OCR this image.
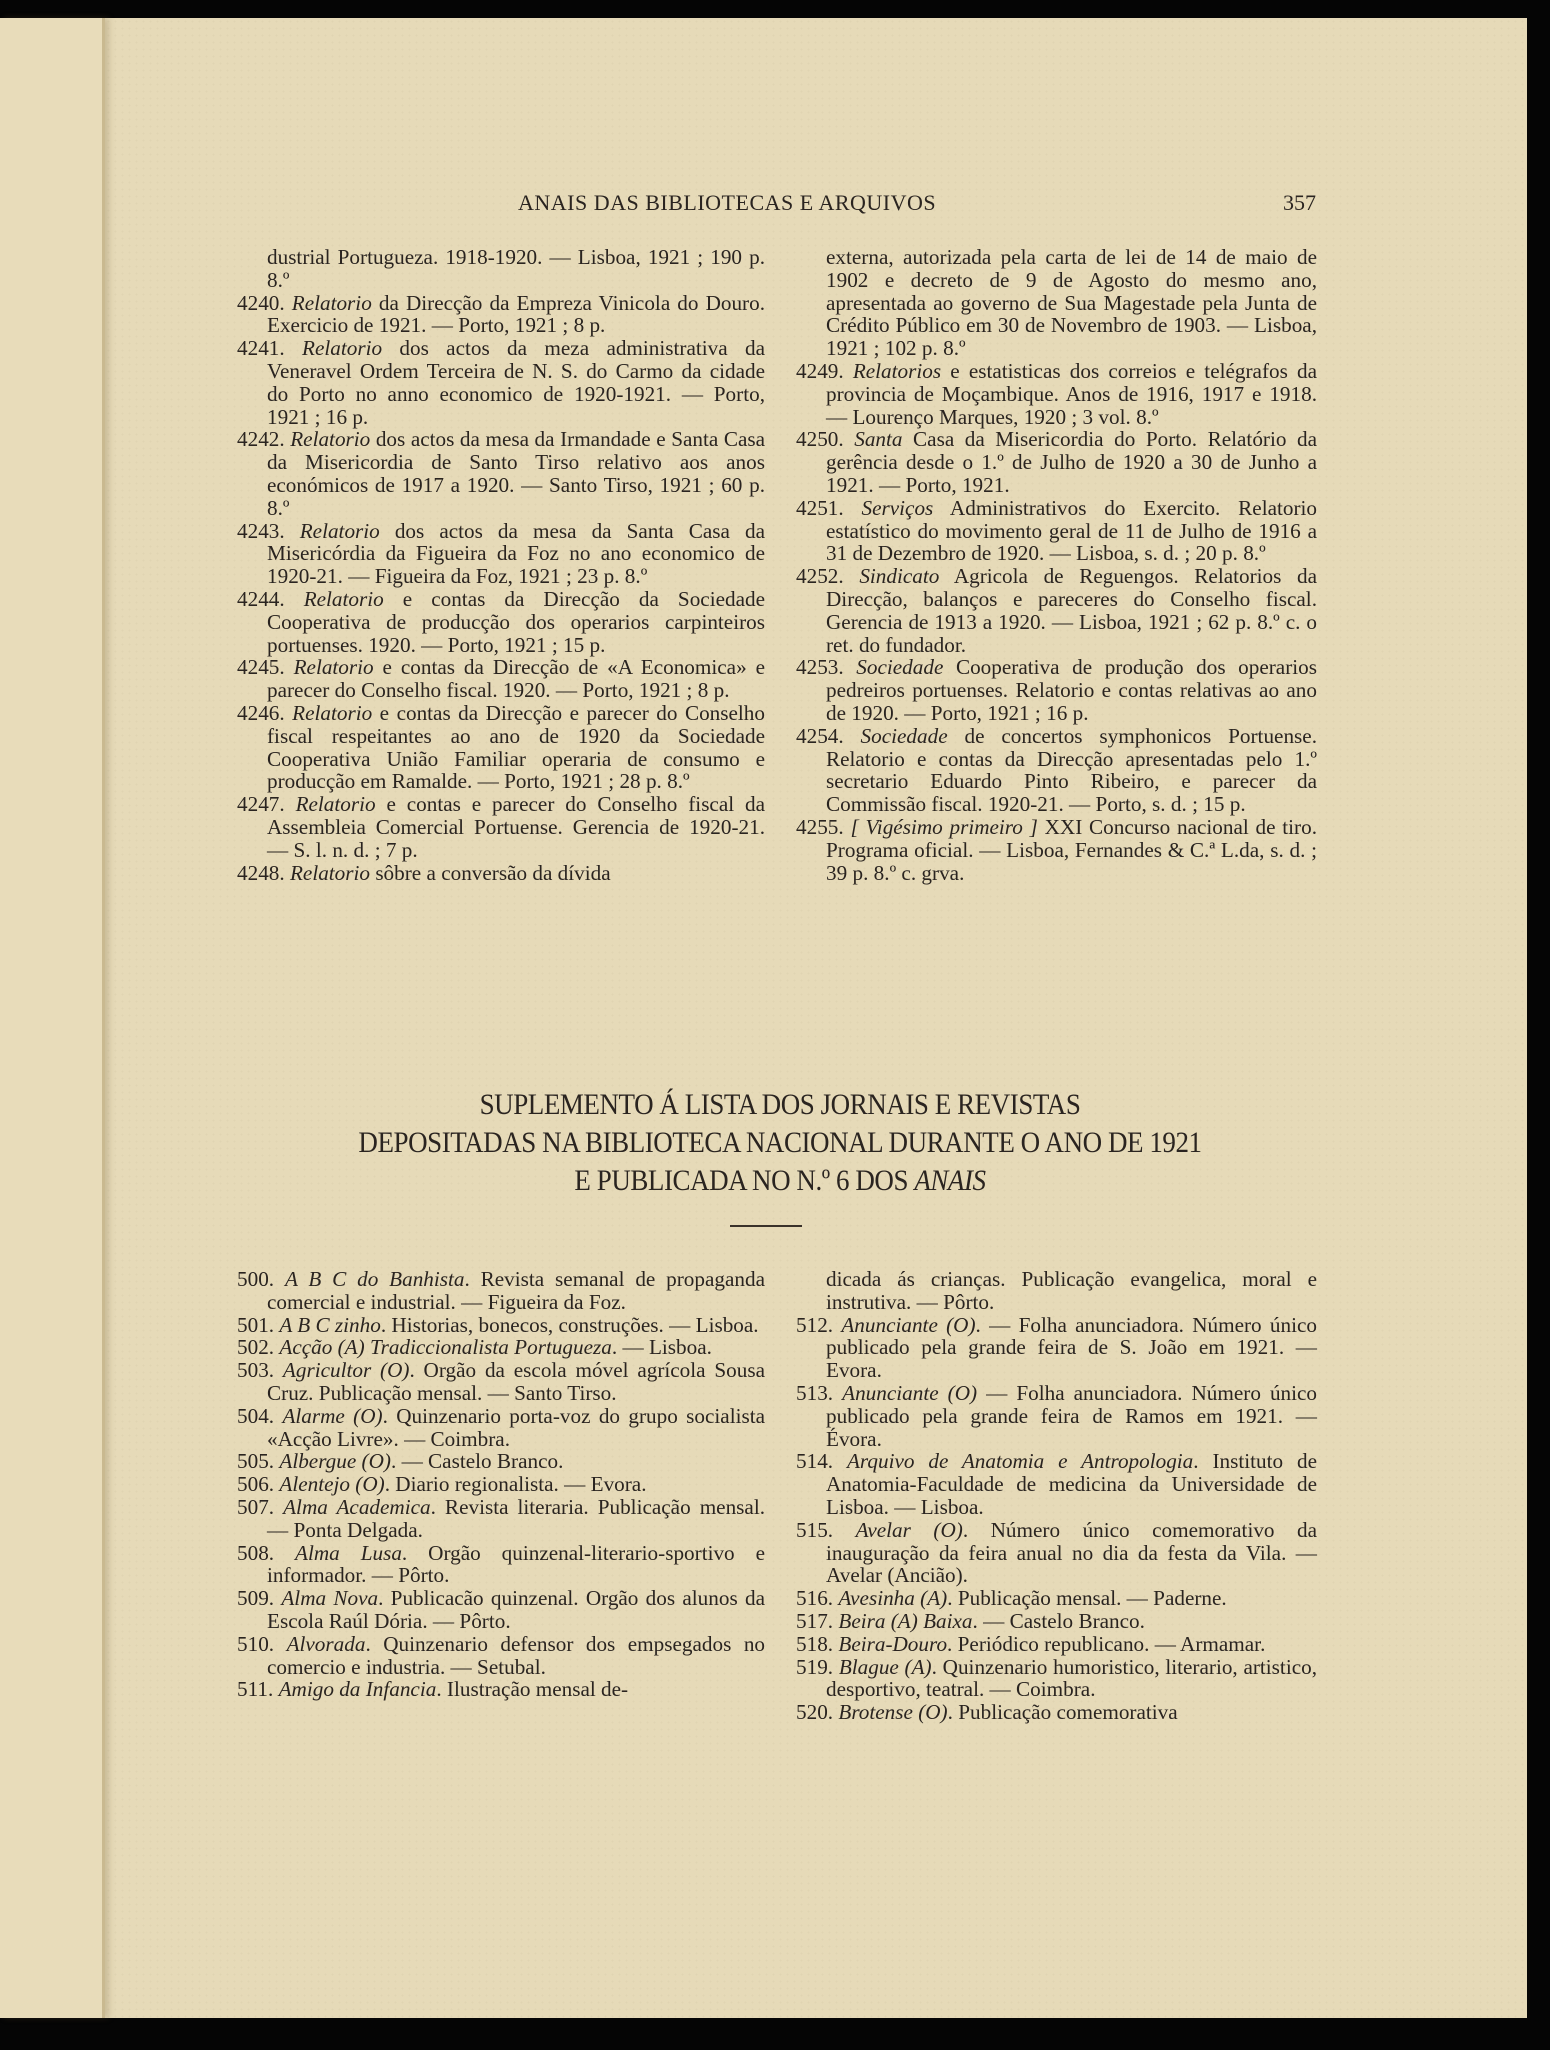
ANAIS DAS BIBLIOTECAS E ARQUIVOS	357

dustrial Portugueza. 1918-1920. — Lisboa, 1921 ; 190 p. 8.º

4240. Relatorio da Direcção da Empreza Vinicola do Douro. Exercicio de 1921. — Porto, 1921 ; 8 p.

4241. Relatorio dos actos da meza administrativa da Veneravel Ordem Terceira de N. S. do Carmo da cidade do Porto no anno economico de 1920-1921. — Porto, 1921 ; 16 p.

4242. Relatorio dos actos da mesa da Irmandade e Santa Casa da Misericordia de Santo Tirso relativo aos anos económicos de 1917 a 1920. — Santo Tirso, 1921 ; 60 p. 8.º

4243. Relatorio dos actos da mesa da Santa Casa da Misericórdia da Figueira da Foz no ano economico de 1920-21. — Figueira da Foz, 1921 ; 23 p. 8.º

4244. Relatorio e contas da Direcção da Sociedade Cooperativa de producção dos operarios carpinteiros portuenses. 1920. — Porto, 1921 ; 15 p.

4245. Relatorio e contas da Direcção de «A Economica» e parecer do Conselho fiscal. 1920. — Porto, 1921 ; 8 p.

4246. Relatorio e contas da Direcção e parecer do Conselho fiscal respeitantes ao ano de 1920 da Sociedade Cooperativa União Familiar operaria de consumo e producção em Ramalde. — Porto, 1921 ; 28 p. 8.º

4247. Relatorio e contas e parecer do Conselho fiscal da Assembleia Comercial Portuense. Gerencia de 1920-21. — S. l. n. d. ; 7 p.

4248. Relatorio sôbre a conversão da dívida

externa, autorizada pela carta de lei de 14 de maio de 1902 e decreto de 9 de Agosto do mesmo ano, apresentada ao governo de Sua Magestade pela Junta de Crédito Público em 30 de Novembro de 1903. — Lisboa, 1921 ; 102 p. 8.º

4249. Relatorios e estatisticas dos correios e telégrafos da provincia de Moçambique. Anos de 1916, 1917 e 1918. — Lourenço Marques, 1920 ; 3 vol. 8.º

4250. Santa Casa da Misericordia do Porto. Relatório da gerência desde o 1.º de Julho de 1920 a 30 de Junho a 1921. — Porto, 1921.

4251. Serviços Administrativos do Exercito. Relatorio estatístico do movimento geral de 11 de Julho de 1916 a 31 de Dezembro de 1920. — Lisboa, s. d. ; 20 p. 8.º

4252. Sindicato Agricola de Reguengos. Relatorios da Direcção, balanços e pareceres do Conselho fiscal. Gerencia de 1913 a 1920. — Lisboa, 1921 ; 62 p. 8.º c. o ret. do fundador.

4253. Sociedade Cooperativa de produção dos operarios pedreiros portuenses. Relatorio e contas relativas ao ano de 1920. — Porto, 1921 ; 16 p.

4254. Sociedade de concertos symphonicos Portuense. Relatorio e contas da Direcção apresentadas pelo 1.º secretario Eduardo Pinto Ribeiro, e parecer da Commissão fiscal. 1920-21. — Porto, s. d. ; 15 p.

4255. [ Vigésimo primeiro ] XXI Concurso nacional de tiro. Programa oficial. — Lisboa, Fernandes & C.ª L.da, s. d. ; 39 p. 8.º c. grva.

SUPLEMENTO Á LISTA DOS JORNAIS E REVISTAS
DEPOSITADAS NA BIBLIOTECA NACIONAL DURANTE O ANO DE 1921
E PUBLICADA NO N.º 6 DOS ANAIS

500. A B C do Banhista. Revista semanal de propaganda comercial e industrial. — Figueira da Foz.

501. A B C zinho. Historias, bonecos, construções. — Lisboa.

502. Acção (A) Tradiccionalista Portugueza. — Lisboa.

503. Agricultor (O). Orgão da escola móvel agrícola Sousa Cruz. Publicação mensal. — Santo Tirso.

504. Alarme (O). Quinzenario porta-voz do grupo socialista «Acção Livre». — Coimbra.

505. Albergue (O). — Castelo Branco.

506. Alentejo (O). Diario regionalista. — Evora.

507. Alma Academica. Revista literaria. Publicação mensal. — Ponta Delgada.

508. Alma Lusa. Orgão quinzenal-literario-sportivo e informador. — Pôrto.

509. Alma Nova. Publicacão quinzenal. Orgão dos alunos da Escola Raúl Dória. — Pôrto.

510. Alvorada. Quinzenario defensor dos empsegados no comercio e industria. — Setubal.

511. Amigo da Infancia. Ilustração mensal de-

dicada ás crianças. Publicação evangelica, moral e instrutiva. — Pôrto.

512. Anunciante (O). — Folha anunciadora. Número único publicado pela grande feira de S. João em 1921. — Evora.

513. Anunciante (O) — Folha anunciadora. Número único publicado pela grande feira de Ramos em 1921. — Évora.

514. Arquivo de Anatomia e Antropologia. Instituto de Anatomia-Faculdade de medicina da Universidade de Lisboa. — Lisboa.

515. Avelar (O). Número único comemorativo da inauguração da feira anual no dia da festa da Vila. — Avelar (Ancião).

516. Avesinha (A). Publicação mensal. — Paderne.

517. Beira (A) Baixa. — Castelo Branco.

518. Beira-Douro. Periódico republicano. — Armamar.

519. Blague (A). Quinzenario humoristico, literario, artistico, desportivo, teatral. — Coimbra.

520. Brotense (O). Publicação comemorativa
